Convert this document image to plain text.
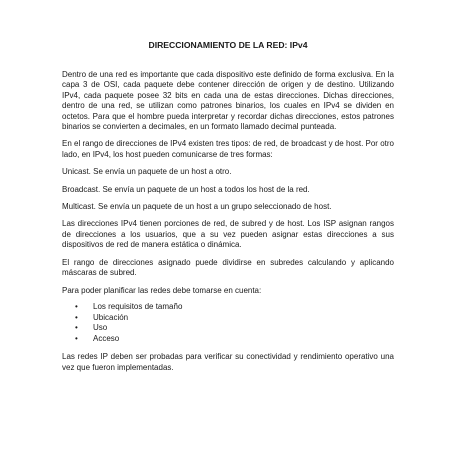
DIRECCIONAMIENTO DE LA RED: IPv4

Dentro de una red es importante que cada dispositivo este definido de forma exclusiva. En la capa 3 de OSI, cada paquete debe contener dirección de origen y de destino. Utilizando IPv4, cada paquete posee 32 bits en cada una de estas direcciones. Dichas direcciones, dentro de una red, se utilizan como patrones binarios, los cuales en IPv4 se dividen en octetos. Para que el hombre pueda interpretar y recordar dichas direcciones, estos patrones binarios se convierten a decimales, en un formato llamado decimal punteada.

En el rango de direcciones de IPv4 existen tres tipos: de red, de broadcast y de host. Por otro lado, en IPv4, los host pueden comunicarse de tres formas:

Unicast. Se envía un paquete de un host a otro.

Broadcast. Se envía un paquete de un host a todos los host de la red.

Multicast. Se envía un paquete de un host a un grupo seleccionado de host.

Las direcciones IPv4 tienen porciones de red, de subred y de host. Los ISP asignan rangos de direcciones a los usuarios, que a su vez pueden asignar estas direcciones a sus dispositivos de red de manera estática o dinámica.

El rango de direcciones asignado puede dividirse en subredes calculando y aplicando máscaras de subred.

Para poder planificar las redes debe tomarse en cuenta:

• Los requisitos de tamaño
• Ubicación
• Uso
• Acceso

Las redes IP deben ser probadas para verificar su conectividad y rendimiento operativo una vez que fueron implementadas.
